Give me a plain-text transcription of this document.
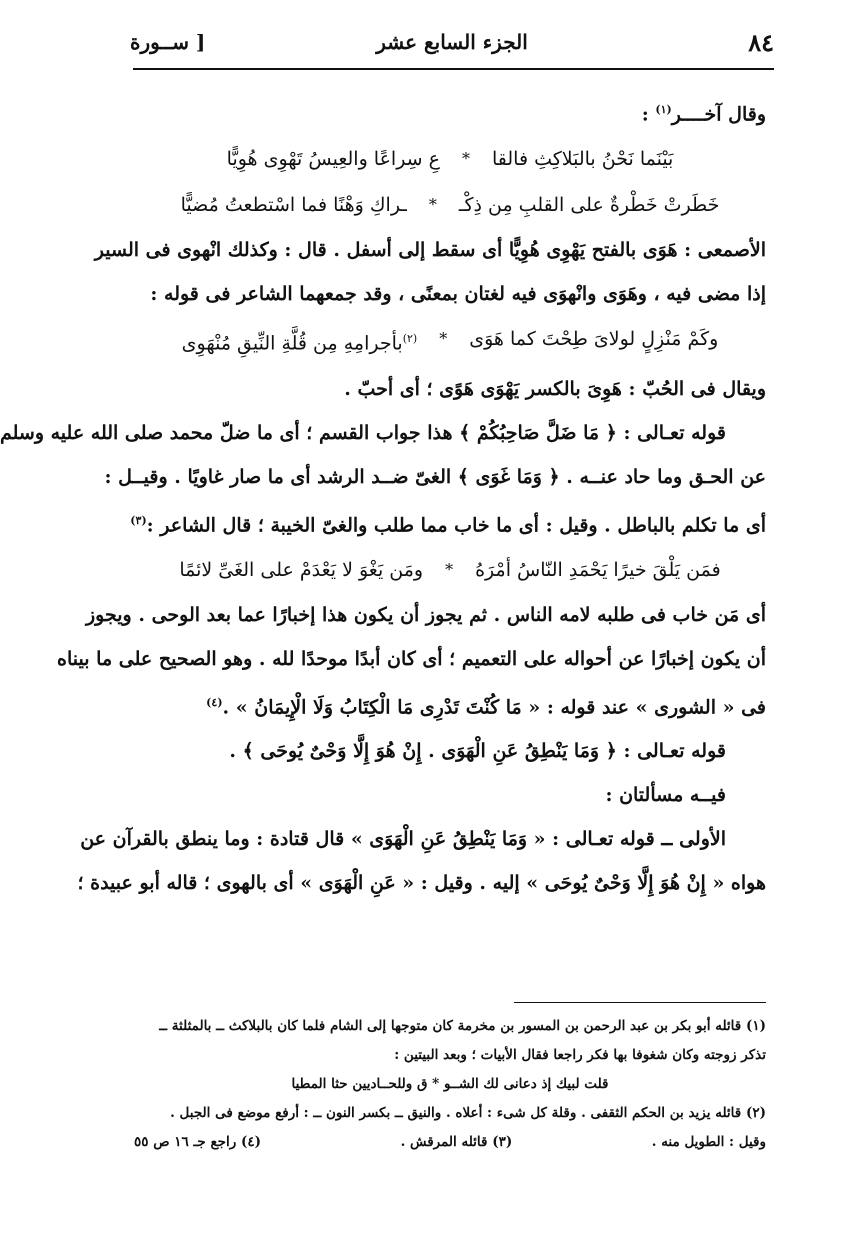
٨٤
الجزء السابع عشر
[ ســورة
وقال آخــــر$^{(١)}$ :
بَيْنَما نَحْنُ بالبَلاكِثِ فالقا
*
عِ سِراعًا والعِيسُ تَهْوِى هُوِيًّا
خَطَرتْ خَطْرةٌ على القلبِ مِن ذِكْـ
*
ـراكِ وَهْنًا فما اسْتطعتُ مُضيًّا
الأصمعى : هَوَى بالفتح يَهْوِى هُوِيًّا أى سقط إلى أسفل . قال : وكذلك انْهوى فى السير
إذا مضى فيه ، وهَوَى وانْهوَى فيه لغتان بمعنًى ، وقد جمعهما الشاعر فى قوله :
وكَمْ مَنْزِلٍ لولاىَ طِحْتَ كما هَوَى
*
$^{(٢)}$بأجرامِهِ مِن قُلَّةِ النِّيقِ مُنْهَوِى
ويقال فى الحُبّ : هَوِىَ بالكسر يَهْوَى هَوًى ؛ أى أحبّ .
قوله تعـالى : ﴿ مَا ضَلَّ صَاحِبُكُمْ ﴾ هذا جواب القسم ؛ أى ما ضلّ محمد صلى الله عليه وسلم
عن الحـق وما حاد عنــه . ﴿ وَمَا غَوَى ﴾ الغىّ ضــد الرشد أى ما صار غاويًا . وقيــل :
أى ما تكلم بالباطل . وقيل : أى ما خاب مما طلب والغىّ الخيبة ؛ قال الشاعر :$^{(٣)}$
فمَن يَلْقَ خيرًا يَحْمَدِ النّاسُ أمْرَهُ
*
ومَن يَغْوَ لا يَعْدَمْ على الغَىِّ لائمًا
أى مَن خاب فى طلبه لامه الناس . ثم يجوز أن يكون هذا إخبارًا عما بعد الوحى . ويجوز
أن يكون إخبارًا عن أحواله على التعميم ؛ أى كان أبدًا موحدًا لله . وهو الصحيح على ما بيناه
فى « الشورى » عند قوله : « مَا كُنْتَ تَدْرِى مَا الْكِتَابُ وَلَا الْإِيمَانُ » .$^{(٤)}$
قوله تعـالى : ﴿ وَمَا يَنْطِقُ عَنِ الْهَوَى . إِنْ هُوَ إِلَّا وَحْىٌ يُوحَى ﴾ .
فيــه مسألتان :
الأولى ــ قوله تعـالى : « وَمَا يَنْطِقُ عَنِ الْهَوَى » قال قتادة : وما ينطق بالقرآن عن
هواه « إِنْ هُوَ إِلَّا وَحْىٌ يُوحَى » إليه . وقيل : « عَنِ الْهَوَى » أى بالهوى ؛ قاله أبو عبيدة ؛
(١) قائله أبو بكر بن عبد الرحمن بن المسور بن مخرمة كان متوجها إلى الشام فلما كان بالبلاكث ــ بالمثلثة ــ
تذكر زوجته وكان شغوفا بها فكر راجعا فقال الأبيات ؛ وبعد البيتين :
قلت لبيك إذ دعانى لك الشــو * ق وللحــاديين حثا المطيا
(٢) قائله يزيد بن الحكم الثقفى . وقلة كل شىء : أعلاه . والنيق ــ بكسر النون ــ : أرفع موضع فى الجبل .
وقيل : الطويل منه .
(٣) قائله المرقش .
(٤) راجع جـ ١٦ ص ٥٥
